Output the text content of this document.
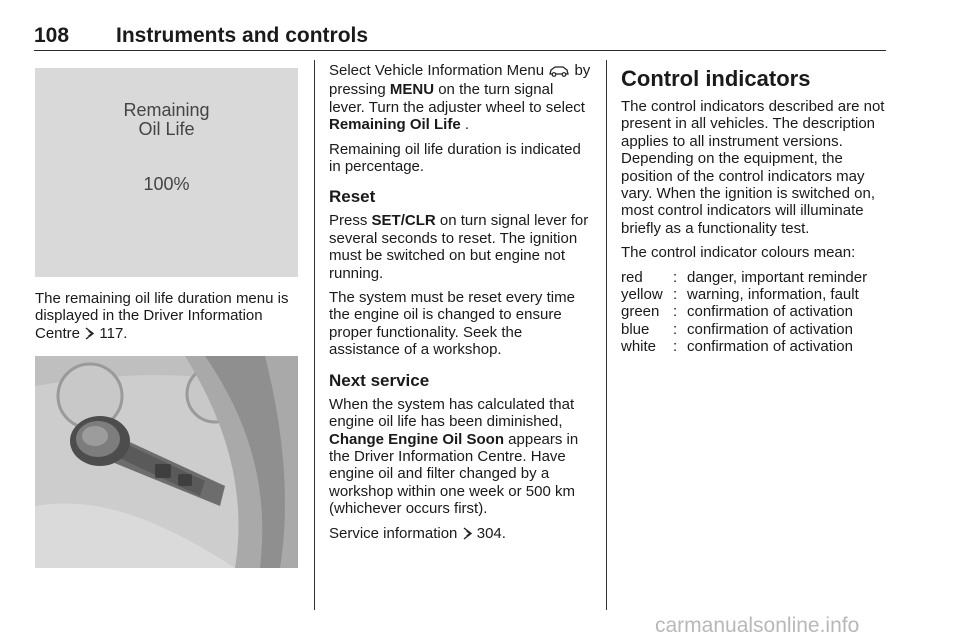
108 Instruments and controls
Remaining
Oil Life
100%
The remaining oil life duration menu is displayed in the Driver Information Centre  117.

Select Vehicle Information Menu  by pressing MENU on the turn signal lever. Turn the adjuster wheel to select Remaining Oil Life .

Remaining oil life duration is indicated in percentage.

Reset

Press SET/CLR on turn signal lever for several seconds to reset. The ignition must be switched on but engine not running.

The system must be reset every time the engine oil is changed to ensure proper functionality. Seek the assistance of a workshop.

Next service

When the system has calculated that engine oil life has been diminished, Change Engine Oil Soon appears in the Driver Information Centre. Have engine oil and filter changed by a workshop within one week or 500 km (whichever occurs first).

Service information  304.

Control indicators

The control indicators described are not present in all vehicles. The description applies to all instrument versions. Depending on the equipment, the position of the control indicators may vary. When the ignition is switched on, most control indicators will illuminate briefly as a functionality test.

The control indicator colours mean:

red	:	danger, important reminder
yellow	:	warning, information, fault
green	:	confirmation of activation
blue	:	confirmation of activation
white	:	confirmation of activation
carmanualsonline.info
